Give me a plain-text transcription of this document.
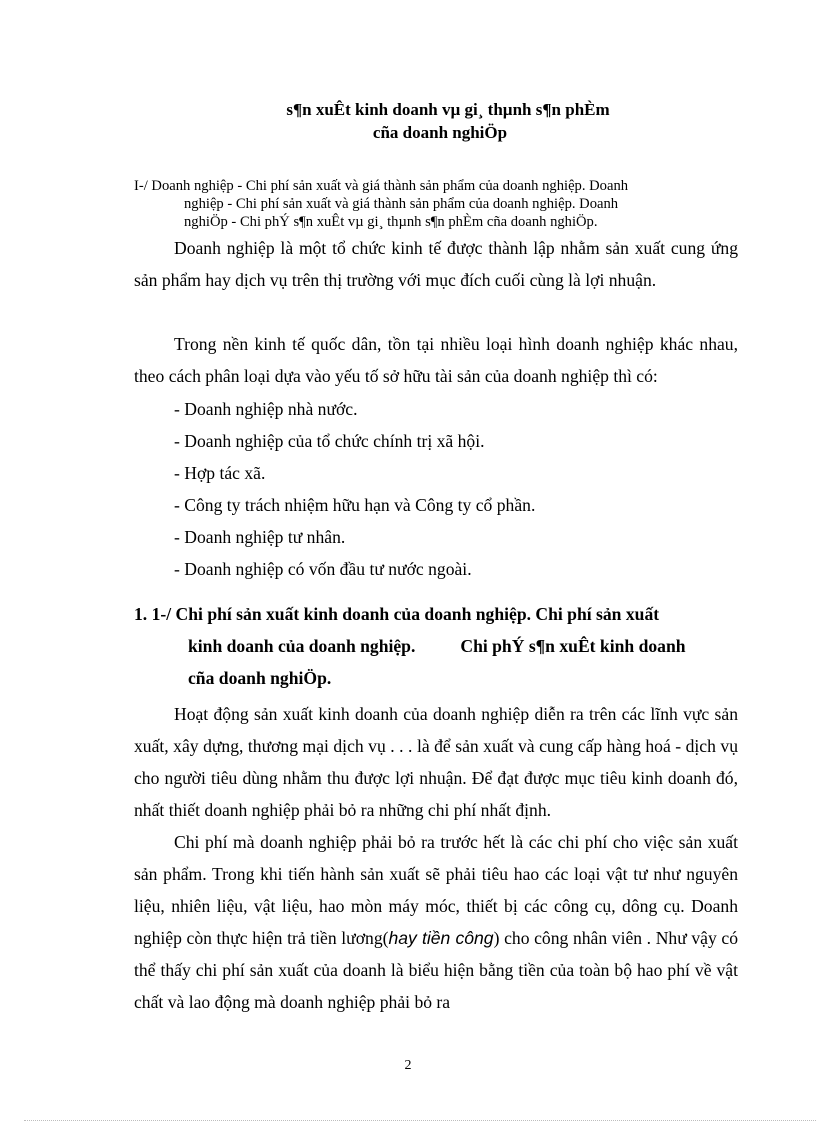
s¶n xuÊt kinh doanh vµ gi¸ thµnh s¶n phÈm
cña doanh nghiÖp
I-/ Doanh nghiệp - Chi phí sản xuất và giá thành sản phẩm của doanh nghiệp. Doanh
nghiệp - Chi phí sản xuất và giá thành sản phẩm của doanh nghiệp. Doanh
nghiÖp - Chi phÝ s¶n xuÊt vµ gi¸ thµnh s¶n phÈm cña doanh nghiÖp.
Doanh nghiệp là một tổ chức kinh tế được thành lập nhằm sản xuất cung ứng sản phẩm hay dịch vụ trên thị trường với mục đích cuối cùng là lợi nhuận.
Trong nền kinh tế quốc dân, tồn tại nhiều loại hình doanh nghiệp khác nhau, theo cách phân loại dựa vào yếu tố sở hữu tài sản của doanh nghiệp thì có:
- Doanh nghiệp nhà nước.
- Doanh nghiệp của tổ chức chính trị xã hội.
- Hợp tác xã.
- Công ty trách nhiệm hữu hạn và Công ty cổ phần.
- Doanh nghiệp tư nhân.
- Doanh nghiệp có vốn đầu tư nước ngoài.
1. 1-/ Chi phí sản xuất kinh doanh của doanh nghiệp. Chi phí sản xuất
kinh doanh của doanh nghiệp.	Chi phÝ s¶n xuÊt kinh doanh
cña doanh nghiÖp.
Hoạt động sản xuất kinh doanh của doanh nghiệp diễn ra trên các lĩnh vực sản xuất, xây dựng, thương mại dịch vụ . . . là để sản xuất và cung cấp hàng hoá - dịch vụ cho người tiêu dùng nhằm thu được lợi nhuận. Để đạt được mục tiêu kinh doanh đó, nhất thiết doanh nghiệp phải bỏ ra những chi phí nhất định.
Chi phí mà doanh nghiệp phải bỏ ra trước hết là các chi phí cho việc sản xuất sản phẩm. Trong khi tiến hành sản xuất sẽ phải tiêu hao các loại vật tư như nguyên liệu, nhiên liệu, vật liệu, hao mòn máy móc, thiết bị các công cụ, dông cụ. Doanh nghiệp còn thực hiện trả tiền lương(hay tiền công) cho công nhân viên . Như vậy có thể thấy chi phí sản xuất của doanh là biểu hiện bằng tiền của toàn bộ hao phí về vật chất và lao động mà doanh nghiệp phải bỏ ra
2
